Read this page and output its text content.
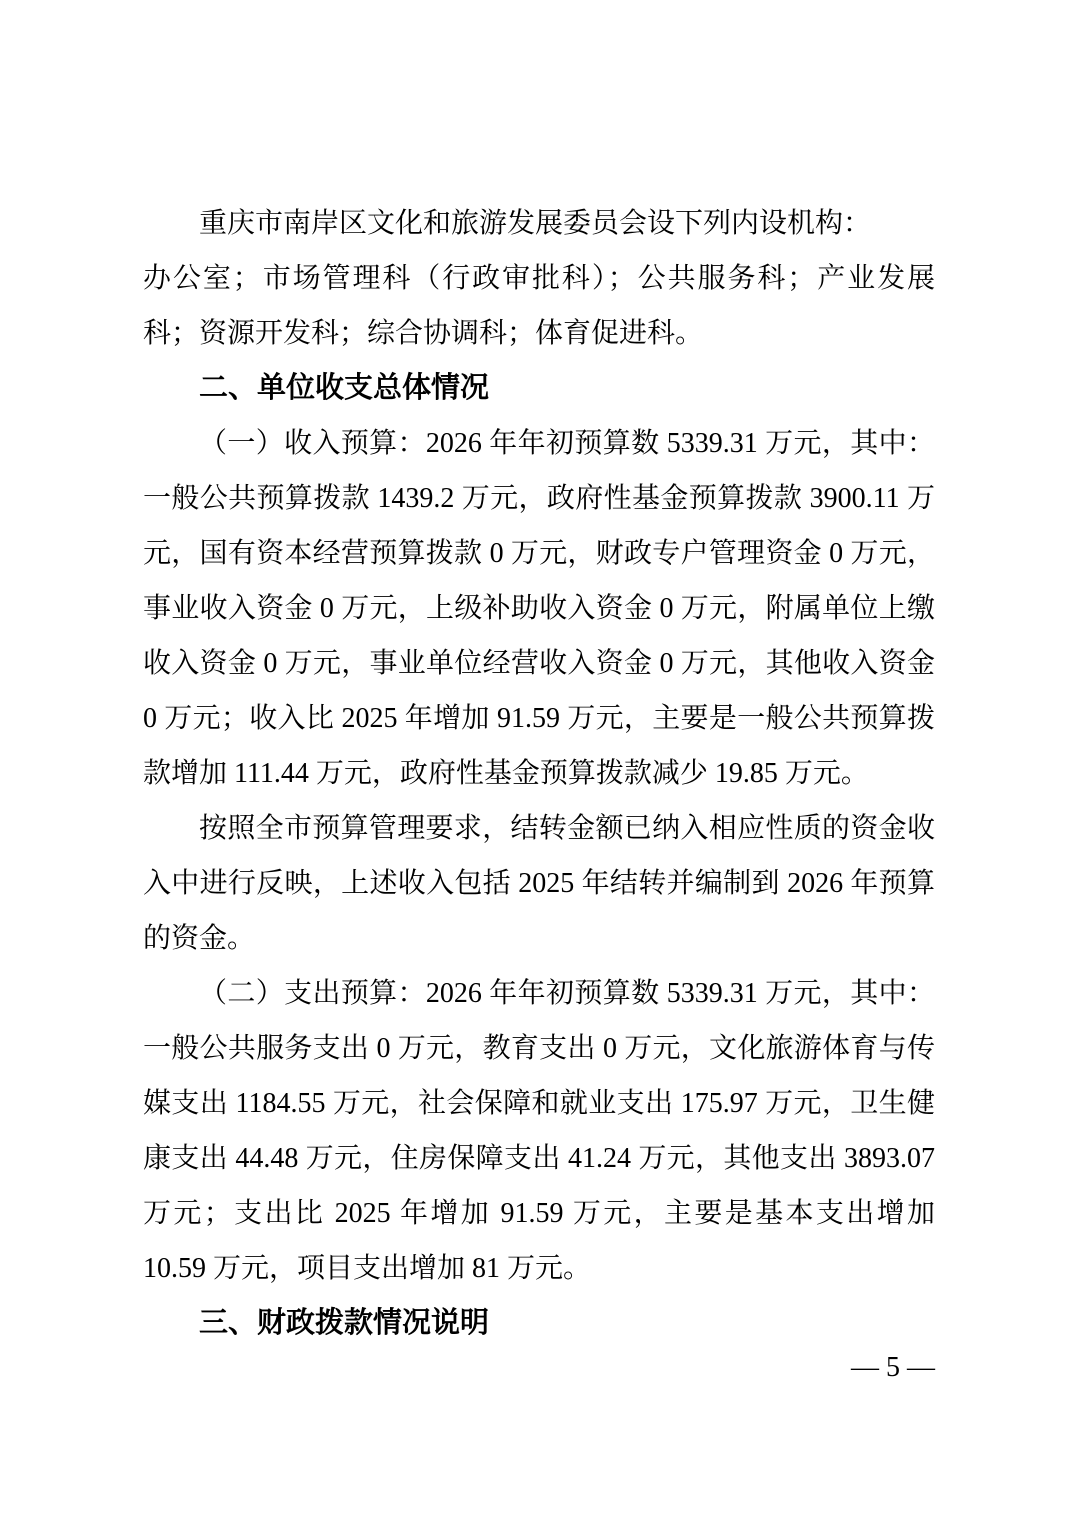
重庆市南岸区文化和旅游发展委员会设下列内设机构：

办公室；市场管理科（行政审批科）；公共服务科；产业发展科；资源开发科；综合协调科；体育促进科。

二、单位收支总体情况

（一）收入预算：2026 年年初预算数 5339.31 万元，其中：一般公共预算拨款 1439.2 万元，政府性基金预算拨款 3900.11 万元，国有资本经营预算拨款 0 万元，财政专户管理资金 0 万元，事业收入资金 0 万元，上级补助收入资金 0 万元，附属单位上缴收入资金 0 万元，事业单位经营收入资金 0 万元，其他收入资金 0 万元；收入比 2025 年增加 91.59 万元，主要是一般公共预算拨款增加 111.44 万元，政府性基金预算拨款减少 19.85 万元。

按照全市预算管理要求，结转金额已纳入相应性质的资金收入中进行反映，上述收入包括 2025 年结转并编制到 2026 年预算的资金。

（二）支出预算：2026 年年初预算数 5339.31 万元，其中：一般公共服务支出 0 万元，教育支出 0 万元，文化旅游体育与传媒支出 1184.55 万元，社会保障和就业支出 175.97 万元，卫生健康支出 44.48 万元，住房保障支出 41.24 万元，其他支出 3893.07 万元；支出比 2025 年增加 91.59 万元，主要是基本支出增加 10.59 万元，项目支出增加 81 万元。

三、财政拨款情况说明
— 5 —
